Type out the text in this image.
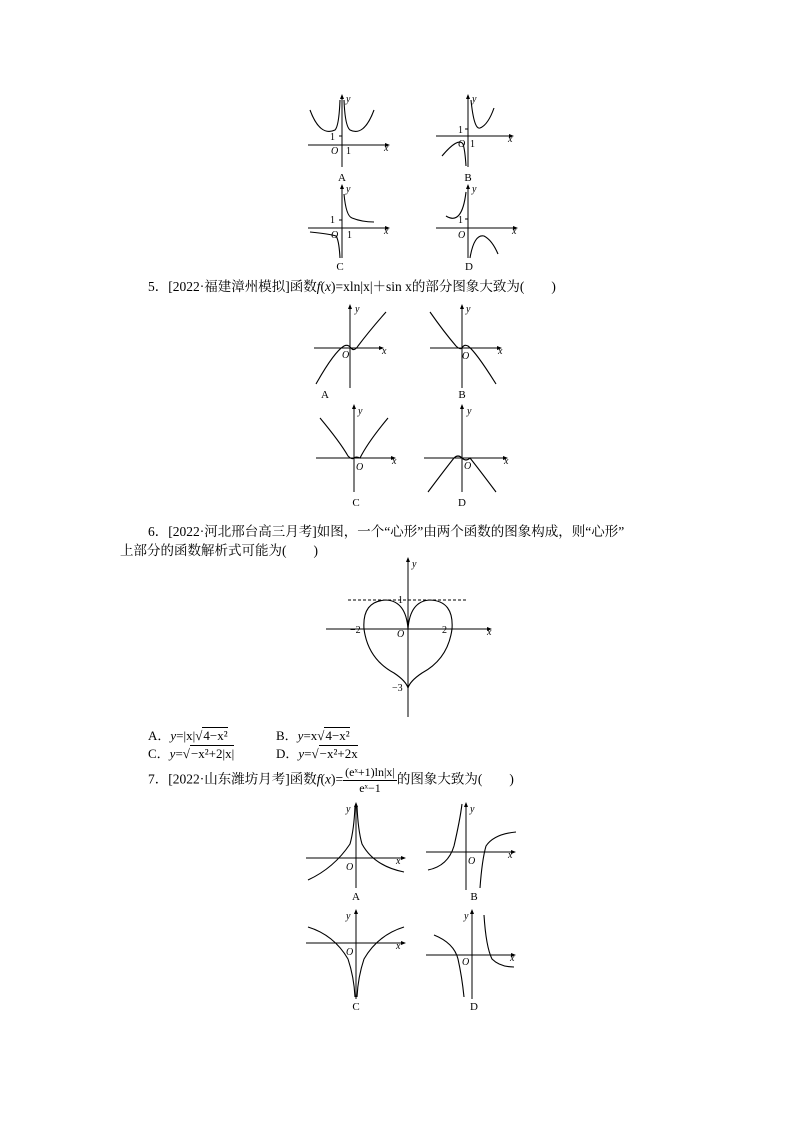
1
O 1	x
y
A
1
O 1	x
y
B
1
O 1	x
y
C
1
O	x
y
D
5．[2022·福建漳州模拟]函数f(x)=xln|x|＋sin x的部分图象大致为(　　)
O	x
y
A
O	x
y
B
O
x
y
C
O	x
y
D
6．[2022·河北邢台高三月考]如图，一个“心形”由两个函数的图象构成，则“心形”
上部分的函数解析式可能为(　　)
−2	2
1
−3
O	x
y
A．y=|x|√4−x²	B．y=x√4−x²
C．y=√−x²+2|x|	D．y=√−x²+2x
7．[2022·山东潍坊月考]函数$f(x)= \frac{\text{(eˣ+1)ln|x|}}{\text{eˣ−1}}$ 的图象大致为(　　)
O
x
y
A
O
x
y
B
O
x
y
C
O	x
y
D
